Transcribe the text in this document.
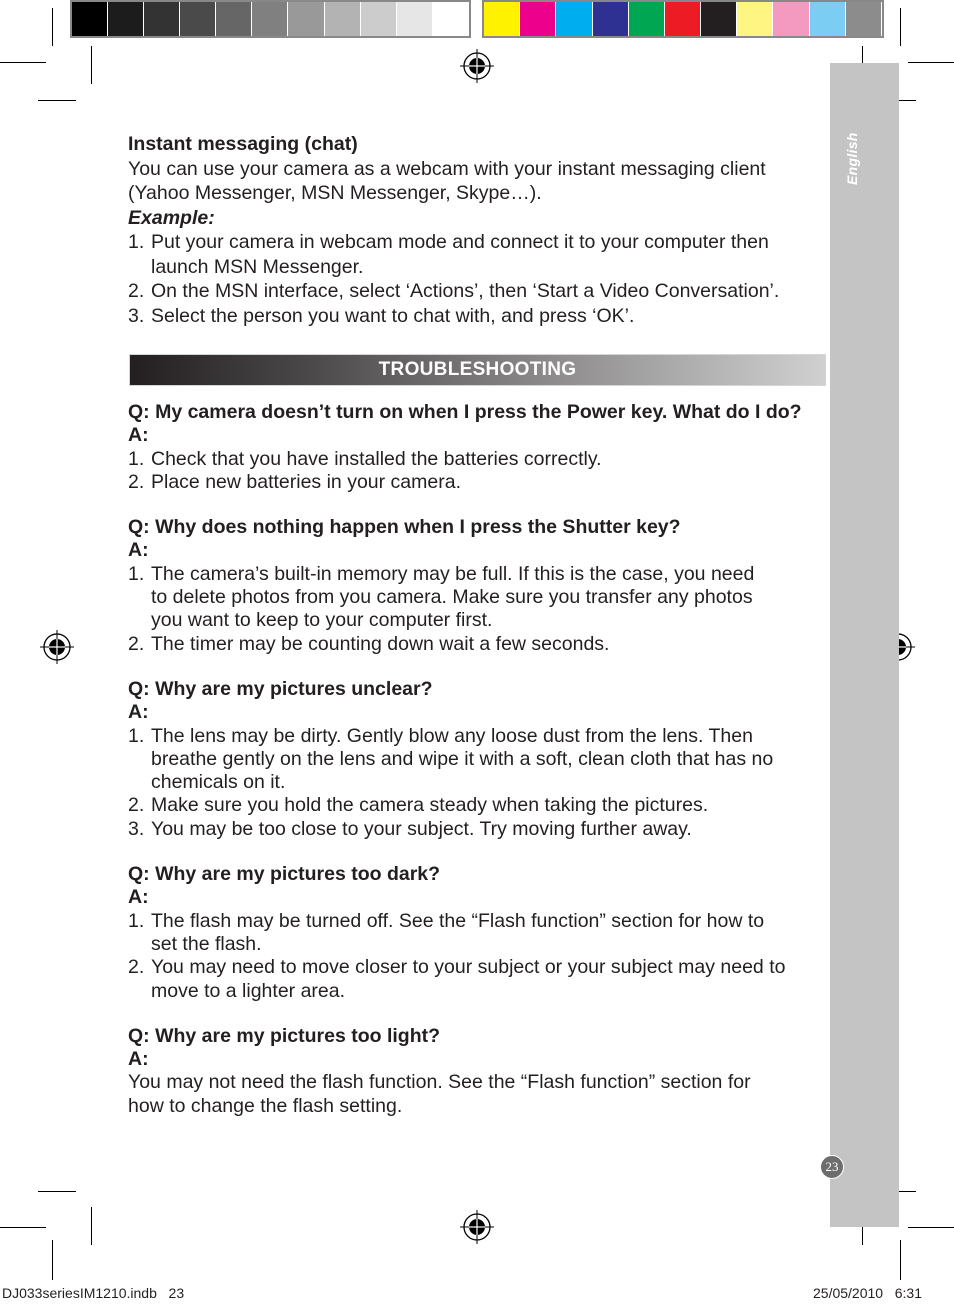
English
23
Instant messaging (chat)
You can use your camera as a webcam with your instant messaging client
(Yahoo Messenger, MSN Messenger, Skype…).
Example:
1. Put your camera in webcam mode and connect it to your computer then
launch MSN Messenger.
2. On the MSN interface, select ‘Actions’, then ‘Start a Video Conversation’.
3. Select the person you want to chat with, and press ‘OK’.
TROUBLESHOOTING
Q: My camera doesn’t turn on when I press the Power key. What do I do?
A:
1. Check that you have installed the batteries correctly.
2. Place new batteries in your camera.
Q: Why does nothing happen when I press the Shutter key?
A:
1. The camera’s built-in memory may be full. If this is the case, you need
to delete photos from you camera. Make sure you transfer any photos
you want to keep to your computer first.
2. The timer may be counting down wait a few seconds.
Q: Why are my pictures unclear?
A:
1. The lens may be dirty. Gently blow any loose dust from the lens. Then
breathe gently on the lens and wipe it with a soft, clean cloth that has no
chemicals on it.
2. Make sure you hold the camera steady when taking the pictures.
3. You may be too close to your subject. Try moving further away.
Q: Why are my pictures too dark?
A:
1. The flash may be turned off. See the “Flash function” section for how to
set the flash.
2. You may need to move closer to your subject or your subject may need to
move to a lighter area.
Q: Why are my pictures too light?
A:
You may not need the flash function. See the “Flash function” section for
how to change the flash setting.
DJ033seriesIM1210.indb   23	25/05/2010   6:31
